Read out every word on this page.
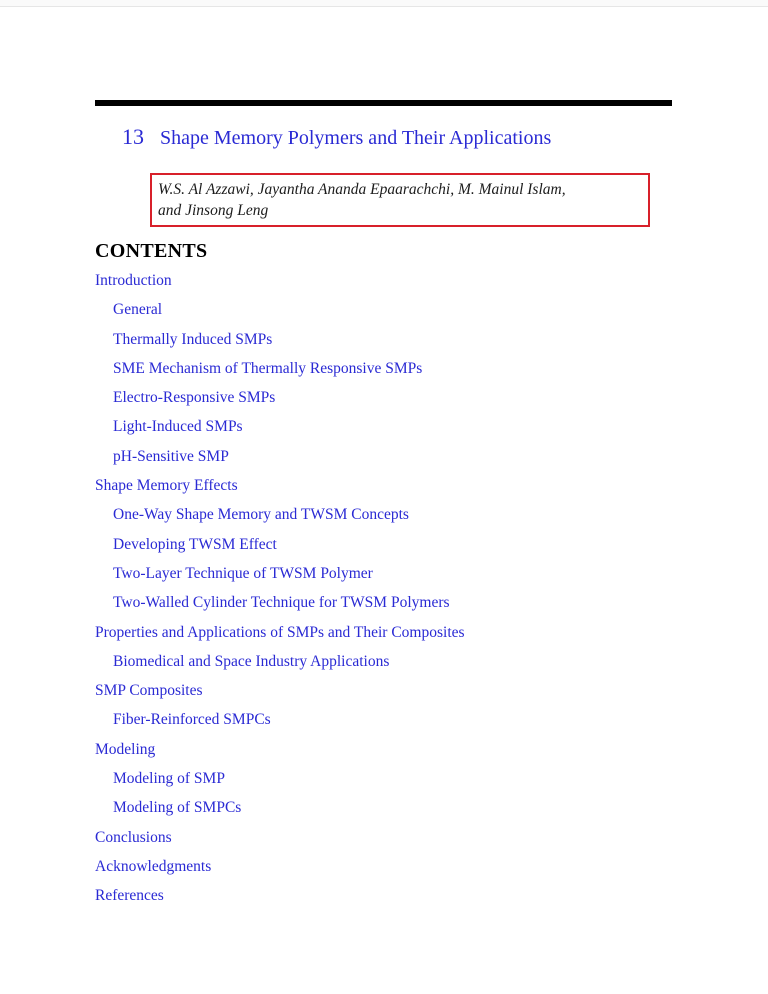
13 Shape Memory Polymers and Their Applications
W.S. Al Azzawi, Jayantha Ananda Epaarachchi, M. Mainul Islam,
and Jinsong Leng
CONTENTS
Introduction
General
Thermally Induced SMPs
SME Mechanism of Thermally Responsive SMPs
Electro-Responsive SMPs
Light-Induced SMPs
pH-Sensitive SMP
Shape Memory Effects
One-Way Shape Memory and TWSM Concepts
Developing TWSM Effect
Two-Layer Technique of TWSM Polymer
Two-Walled Cylinder Technique for TWSM Polymers
Properties and Applications of SMPs and Their Composites
Biomedical and Space Industry Applications
SMP Composites
Fiber-Reinforced SMPCs
Modeling
Modeling of SMP
Modeling of SMPCs
Conclusions
Acknowledgments
References
